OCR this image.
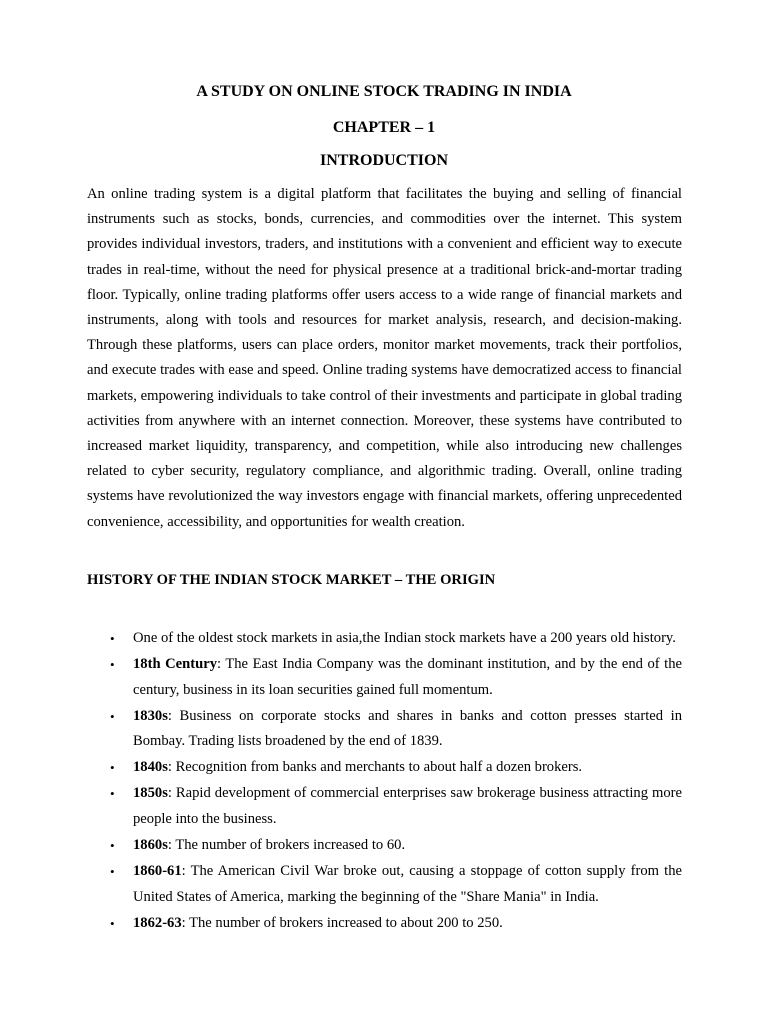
A STUDY ON ONLINE STOCK TRADING IN INDIA
CHAPTER – 1
INTRODUCTION

An online trading system is a digital platform that facilitates the buying and selling of financial instruments such as stocks, bonds, currencies, and commodities over the internet. This system provides individual investors, traders, and institutions with a convenient and efficient way to execute trades in real-time, without the need for physical presence at a traditional brick-and-mortar trading floor. Typically, online trading platforms offer users access to a wide range of financial markets and instruments, along with tools and resources for market analysis, research, and decision-making. Through these platforms, users can place orders, monitor market movements, track their portfolios, and execute trades with ease and speed. Online trading systems have democratized access to financial markets, empowering individuals to take control of their investments and participate in global trading activities from anywhere with an internet connection. Moreover, these systems have contributed to increased market liquidity, transparency, and competition, while also introducing new challenges related to cyber security, regulatory compliance, and algorithmic trading. Overall, online trading systems have revolutionized the way investors engage with financial markets, offering unprecedented convenience, accessibility, and opportunities for wealth creation.

HISTORY OF THE INDIAN STOCK MARKET – THE ORIGIN
• One of the oldest stock markets in asia,the Indian stock markets have a 200 years old history.
• 18th Century: The East India Company was the dominant institution, and by the end of the century, business in its loan securities gained full momentum.
• 1830s: Business on corporate stocks and shares in banks and cotton presses started in Bombay. Trading lists broadened by the end of 1839.
• 1840s: Recognition from banks and merchants to about half a dozen brokers.
• 1850s: Rapid development of commercial enterprises saw brokerage business attracting more people into the business.
• 1860s: The number of brokers increased to 60.
• 1860-61: The American Civil War broke out, causing a stoppage of cotton supply from the United States of America, marking the beginning of the "Share Mania" in India.
• 1862-63: The number of brokers increased to about 200 to 250.
